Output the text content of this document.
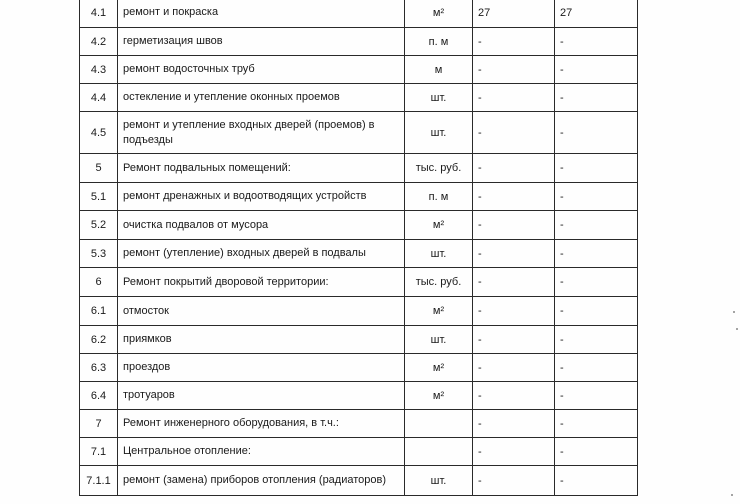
4.1	ремонт и покраска	м²	27	27
4.2	герметизация швов	п. м	-	-
4.3	ремонт водосточных труб	м	-	-
4.4	остекление и утепление оконных проемов	шт.	-	-
4.5	ремонт и утепление входных дверей (проемов) в подъезды	шт.	-	-
5	Ремонт подвальных помещений:	тыс. руб.	-	-
5.1	ремонт дренажных и водоотводящих устройств	п. м	-	-
5.2	очистка подвалов от мусора	м²	-	-
5.3	ремонт (утепление) входных дверей в подвалы	шт.	-	-
6	Ремонт покрытий дворовой территории:	тыс. руб.	-	-
6.1	отмосток	м²	-	-
6.2	приямков	шт.	-	-
6.3	проездов	м²	-	-
6.4	тротуаров	м²	-	-
7	Ремонт инженерного оборудования, в т.ч.:		-	-
7.1	Центральное отопление:		-	-
7.1.1	ремонт (замена) приборов отопления (радиаторов)	шт.	-	-
